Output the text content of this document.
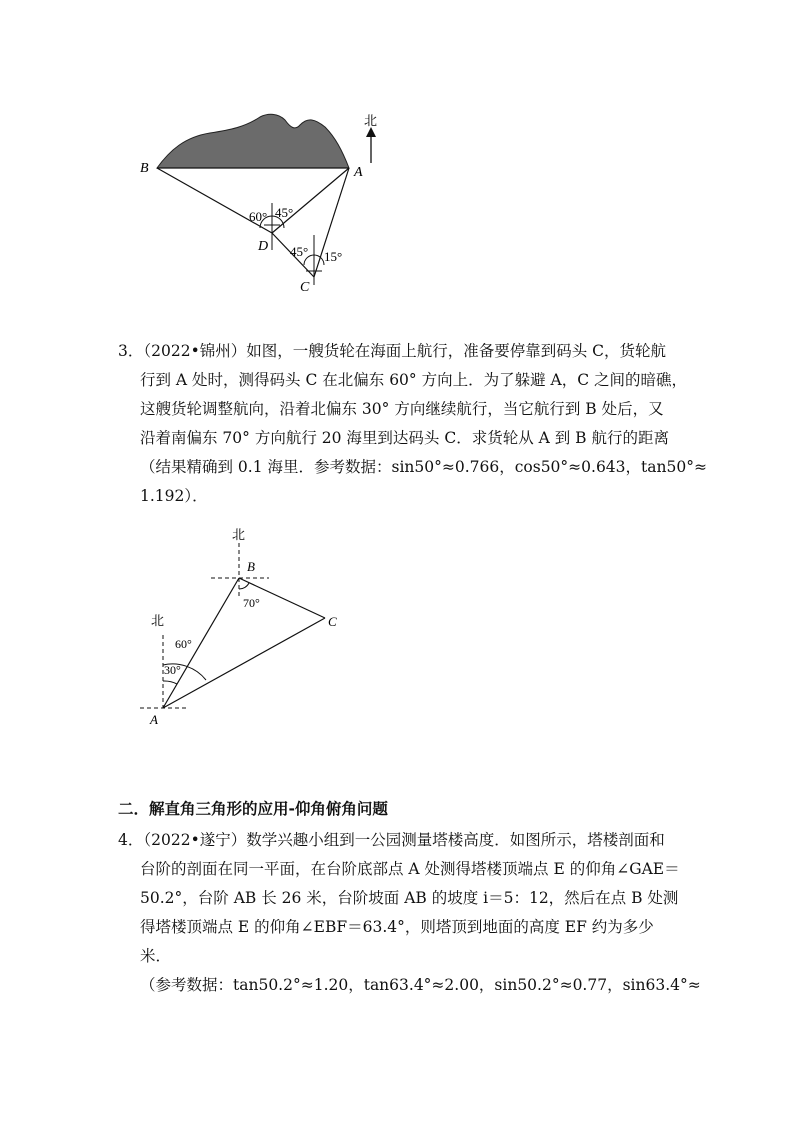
北
B	A
D
C
60° 45°
45° 15°
3．（2022•锦州）如图，一艘货轮在海面上航行，准备要停靠到码头 C，货轮航
行到 A 处时，测得码头 C 在北偏东 60° 方向上．为了躲避 A，C 之间的暗礁，
这艘货轮调整航向，沿着北偏东 30° 方向继续航行，当它航行到 B 处后，又
沿着南偏东 70° 方向航行 20 海里到达码头 C．求货轮从 A 到 B 航行的距离
（结果精确到 0.1 海里．参考数据：sin50°≈0.766，cos50°≈0.643，tan50°≈
1.192）．
北
北
B
C
A
70°
60°
30°
二．解直角三角形的应用-仰角俯角问题
4．（2022•遂宁）数学兴趣小组到一公园测量塔楼高度．如图所示，塔楼剖面和
台阶的剖面在同一平面，在台阶底部点 A 处测得塔楼顶端点 E 的仰角∠GAE＝
50.2°，台阶 AB 长 26 米，台阶坡面 AB 的坡度 i＝5：12，然后在点 B 处测
得塔楼顶端点 E 的仰角∠EBF＝63.4°，则塔顶到地面的高度 EF 约为多少
米．
（参考数据：tan50.2°≈1.20，tan63.4°≈2.00，sin50.2°≈0.77，sin63.4°≈
